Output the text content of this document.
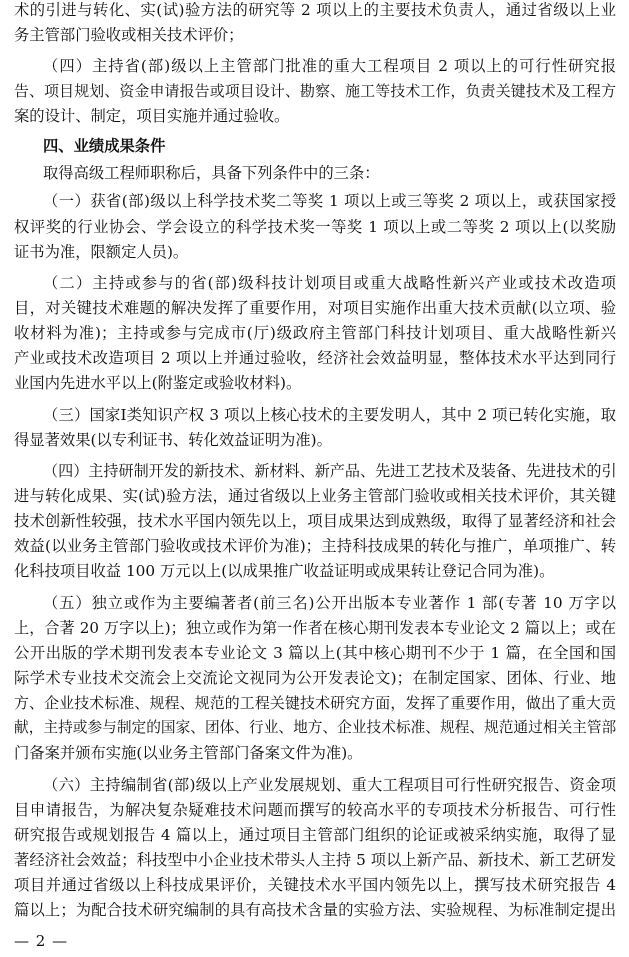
术的引进与转化、实(试)验方法的研究等 2 项以上的主要技术负责人，通过省级以上业
务主管部门验收或相关技术评价；
（四）主持省(部)级以上主管部门批准的重大工程项目 2 项以上的可行性研究报
告、项目规划、资金申请报告或项目设计、勘察、施工等技术工作，负责关键技术及工程方
案的设计、制定，项目实施并通过验收。
四、业绩成果条件
取得高级工程师职称后，具备下列条件中的三条：
（一）获省(部)级以上科学技术奖二等奖 1 项以上或三等奖 2 项以上，或获国家授
权评奖的行业协会、学会设立的科学技术奖一等奖 1 项以上或二等奖 2 项以上(以奖励
证书为准，限额定人员)。
（二）主持或参与的省(部)级科技计划项目或重大战略性新兴产业或技术改造项
目，对关键技术难题的解决发挥了重要作用，对项目实施作出重大技术贡献(以立项、验
收材料为准)；主持或参与完成市(厅)级政府主管部门科技计划项目、重大战略性新兴
产业或技术改造项目 2 项以上并通过验收，经济社会效益明显，整体技术水平达到同行
业国内先进水平以上(附鉴定或验收材料)。
（三）国家Ⅰ类知识产权 3 项以上核心技术的主要发明人，其中 2 项已转化实施，取
得显著效果(以专利证书、转化效益证明为准)。
（四）主持研制开发的新技术、新材料、新产品、先进工艺技术及装备、先进技术的引
进与转化成果、实(试)验方法，通过省级以上业务主管部门验收或相关技术评价，其关键
技术创新性较强，技术水平国内领先以上，项目成果达到成熟级，取得了显著经济和社会
效益(以业务主管部门验收或技术评价为准)；主持科技成果的转化与推广，单项推广、转
化科技项目收益 100 万元以上(以成果推广收益证明或成果转让登记合同为准)。
（五）独立或作为主要编著者(前三名)公开出版本专业著作 1 部(专著 10 万字以
上，合著 20 万字以上)；独立或作为第一作者在核心期刊发表本专业论文 2 篇以上；或在
公开出版的学术期刊发表本专业论文 3 篇以上(其中核心期刊不少于 1 篇，在全国和国
际学术专业技术交流会上交流论文视同为公开发表论文)；在制定国家、团体、行业、地
方、企业技术标准、规程、规范的工程关键技术研究方面，发挥了重要作用，做出了重大贡
献，主持或参与制定的国家、团体、行业、地方、企业技术标准、规程、规范通过相关主管部
门备案并颁布实施(以业务主管部门备案文件为准)。
（六）主持编制省(部)级以上产业发展规划、重大工程项目可行性研究报告、资金项
目申请报告，为解决复杂疑难技术问题而撰写的较高水平的专项技术分析报告、可行性
研究报告或规划报告 4 篇以上，通过项目主管部门组织的论证或被采纳实施，取得了显
著经济社会效益；科技型中小企业技术带头人主持 5 项以上新产品、新技术、新工艺研发
项目并通过省级以上科技成果评价，关键技术水平国内领先以上，撰写技术研究报告 4
篇以上；为配合技术研究编制的具有高技术含量的实验方法、实验规程、为标准制定提出
— 2 —
